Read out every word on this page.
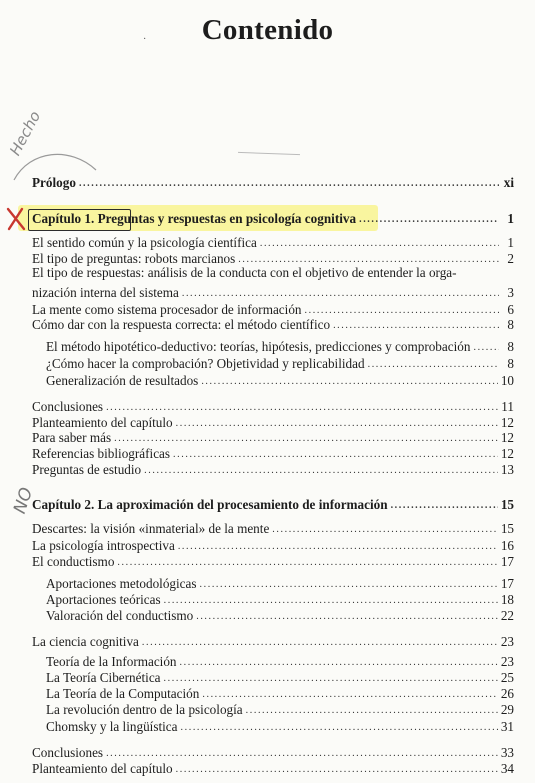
·	Contenido
Prólogo .....	xi
Capítulo 1. Preguntas y respuestas en psicología cognitiva .....	1
El sentido común y la psicología científica .....	1
El tipo de preguntas: robots marcianos .....	2
El tipo de respuestas: análisis de la conducta con el objetivo de entender la orga-
nización interna del sistema .....	3
La mente como sistema procesador de información .....	6
Cómo dar con la respuesta correcta: el método científico .....	8
El método hipotético-deductivo: teorías, hipótesis, predicciones y comprobación .....	8
¿Cómo hacer la comprobación? Objetividad y replicabilidad .....	8
Generalización de resultados .....	10
Conclusiones .....	11
Planteamiento del capítulo .....	12
Para saber más .....	12
Referencias bibliográficas .....	12
Preguntas de estudio .....	13
Capítulo 2. La aproximación del procesamiento de información .....	15
Descartes: la visión «inmaterial» de la mente .....	15
La psicología introspectiva .....	16
El conductismo .....	17
Aportaciones metodológicas .....	17
Aportaciones teóricas .....	18
Valoración del conductismo .....	22
La ciencia cognitiva .....	23
Teoría de la Información .....	23
La Teoría Cibernética .....	25
La Teoría de la Computación .....	26
La revolución dentro de la psicología .....	29
Chomsky y la lingüística .....	31
Conclusiones .....	33
Planteamiento del capítulo .....	34
Hecho
NO
